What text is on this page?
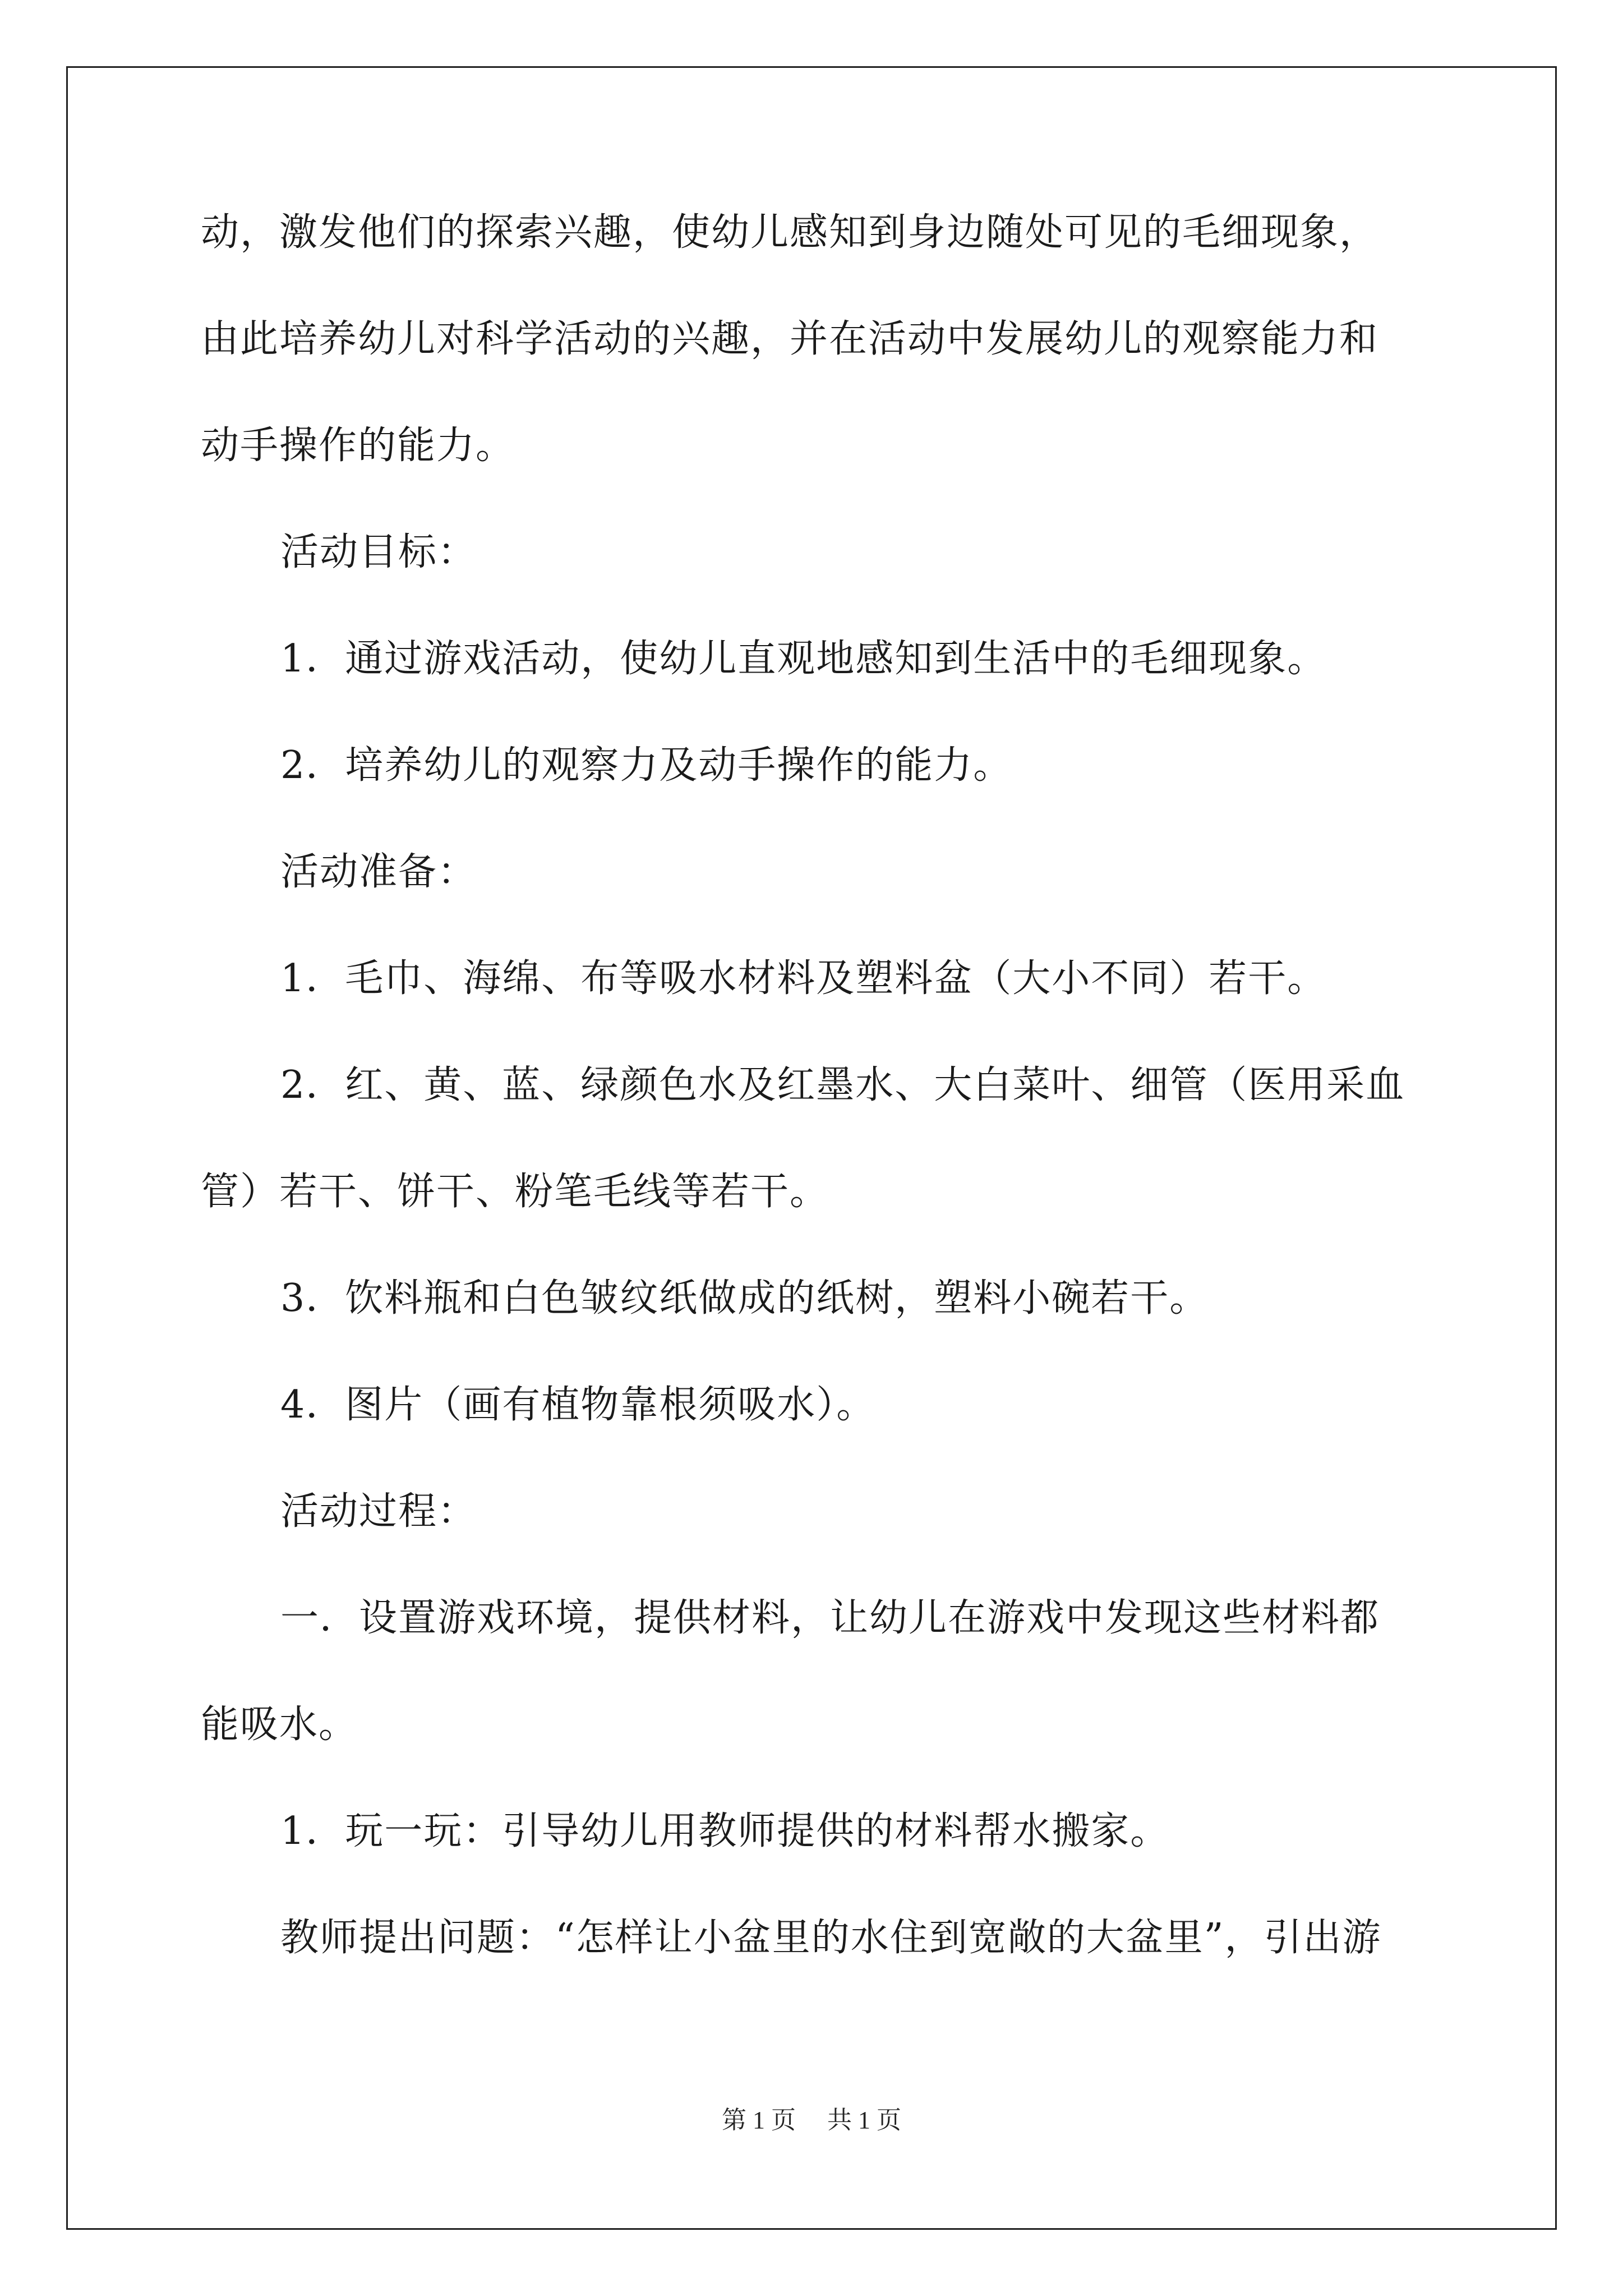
动，激发他们的探索兴趣，使幼儿感知到身边随处可见的毛细现象，
由此培养幼儿对科学活动的兴趣，并在活动中发展幼儿的观察能力和
动手操作的能力。
活动目标：
1．通过游戏活动，使幼儿直观地感知到生活中的毛细现象。
2．培养幼儿的观察力及动手操作的能力。
活动准备：
1．毛巾、海绵、布等吸水材料及塑料盆（大小不同）若干。
2．红、黄、蓝、绿颜色水及红墨水、大白菜叶、细管（医用采血
管）若干、饼干、粉笔毛线等若干。
3．饮料瓶和白色皱纹纸做成的纸树，塑料小碗若干。
4．图片（画有植物靠根须吸水）。
活动过程：
一．设置游戏环境，提供材料，让幼儿在游戏中发现这些材料都
能吸水。
1．玩一玩：引导幼儿用教师提供的材料帮水搬家。
教师提出问题：“怎样让小盆里的水住到宽敞的大盆里”，引出游
第 1 页 共 1 页
